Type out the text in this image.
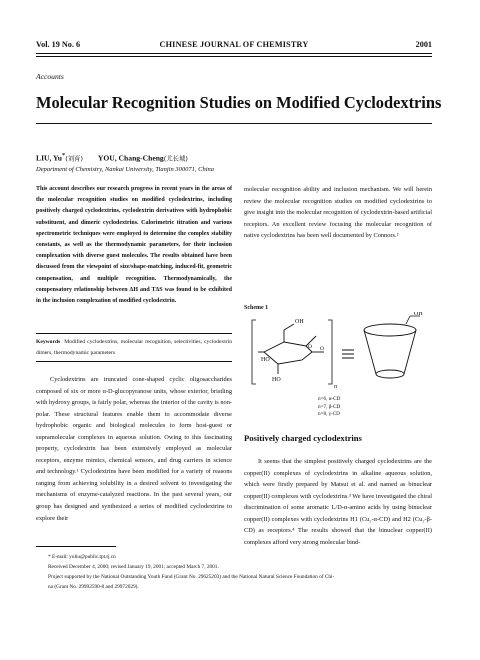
Vol. 19 No. 6	CHINESE JOURNAL OF CHEMISTRY	2001
Accounts
Molecular Recognition Studies on Modified Cyclodextrins
LIU, Yu*(刘育) YOU, Chang-Cheng(尤长城)
Department of Chemistry, Nankai University, Tianjin 300071, China
This account describes our research progress in recent years in the areas of the molecular recognition studies on modified cyclodextrins, including positively charged cyclodextrins, cyclodextrin derivatives with hydrophobic substituent, and dimeric cyclodextrins. Calorimetric titration and various spectrometric techniques were employed to determine the complex stability constants, as well as the thermodynamic parameters, for their inclusion complexation with diverse guest molecules. The results obtained have been discussed from the viewpoint of size/shape-matching, induced-fit, geometric compensation, and multiple recognition. Thermodynamically, the compensatory relationship between ΔH and TΔS was found to be exhibited in the inclusion complexation of modified cyclodextrin.
Keywords Modified cyclodextrins, molecular recognition, selectivities, cyclodextrin dimers, thermodynamic parameters

Cyclodextrins are truncated cone-shaped cyclic oligosaccharides composed of six or more α-D-glucopyranose units, whose exterior, bristling with hydroxy groups, is fairly polar, whereas the interior of the cavity is non-polar. These structural features enable them to accommodate diverse hydrophobic organic and biological molecules to form host-guest or supramolecular complexes in aqueous solution. Owing to this fascinating property, cyclodextrin has been extensively employed as molecular receptors, enzyme mimics, chemical sensors, and drug carriers in science and technology.¹ Cyclodextrins have been modified for a variety of reasons ranging from achieving solubility in a desired solvent to investigating the mechanisms of enzyme-catalyzed reactions. In the past several years, our group has designed and synthesized a series of modified cyclodextrins to explore their

molecular recognition ability and inclusion mechanism. We will herein review the molecular recognition studies on modified cyclodextrins to give insight into the molecular recognition of cyclodextrin-based artificial receptors. An excellent review focusing the molecular recognition of native cyclodextrins has been well documented by Connors.²

Scheme 1
OH
HO
HO
O O
n
OH
n=6, α-CD
n=7, β-CD
n=8, γ-CD
Positively charged cyclodextrins

It seems that the simplest positively charged cyclodextrins are the copper(II) complexes of cyclodextrins in alkaline aqueous solution, which were firstly prepared by Matsui et al. and named as binuclear copper(II) complexes with cyclodextrins.³ We have investigated the chiral discrimination of some aromatic L/D-α-amino acids by using binuclear copper(II) complexes with cyclodextrins H1 (Cu₂-α-CD) and H2 (Cu₂-β-CD) as receptors.⁴ The results showed that the binuclear copper(II) complexes afford very strong molecular bind-

* E-mail: yuliu@public.tpt.tj.cn
Received December 4, 2000; revised January 19, 2001; accepted March 7, 2001.
Project supported by the National Outstanding Youth Fund (Grant No. 29625203) and the National Natural Science Foundation of Chi-
na (Grant No. 29992590-8 and 29972029).
